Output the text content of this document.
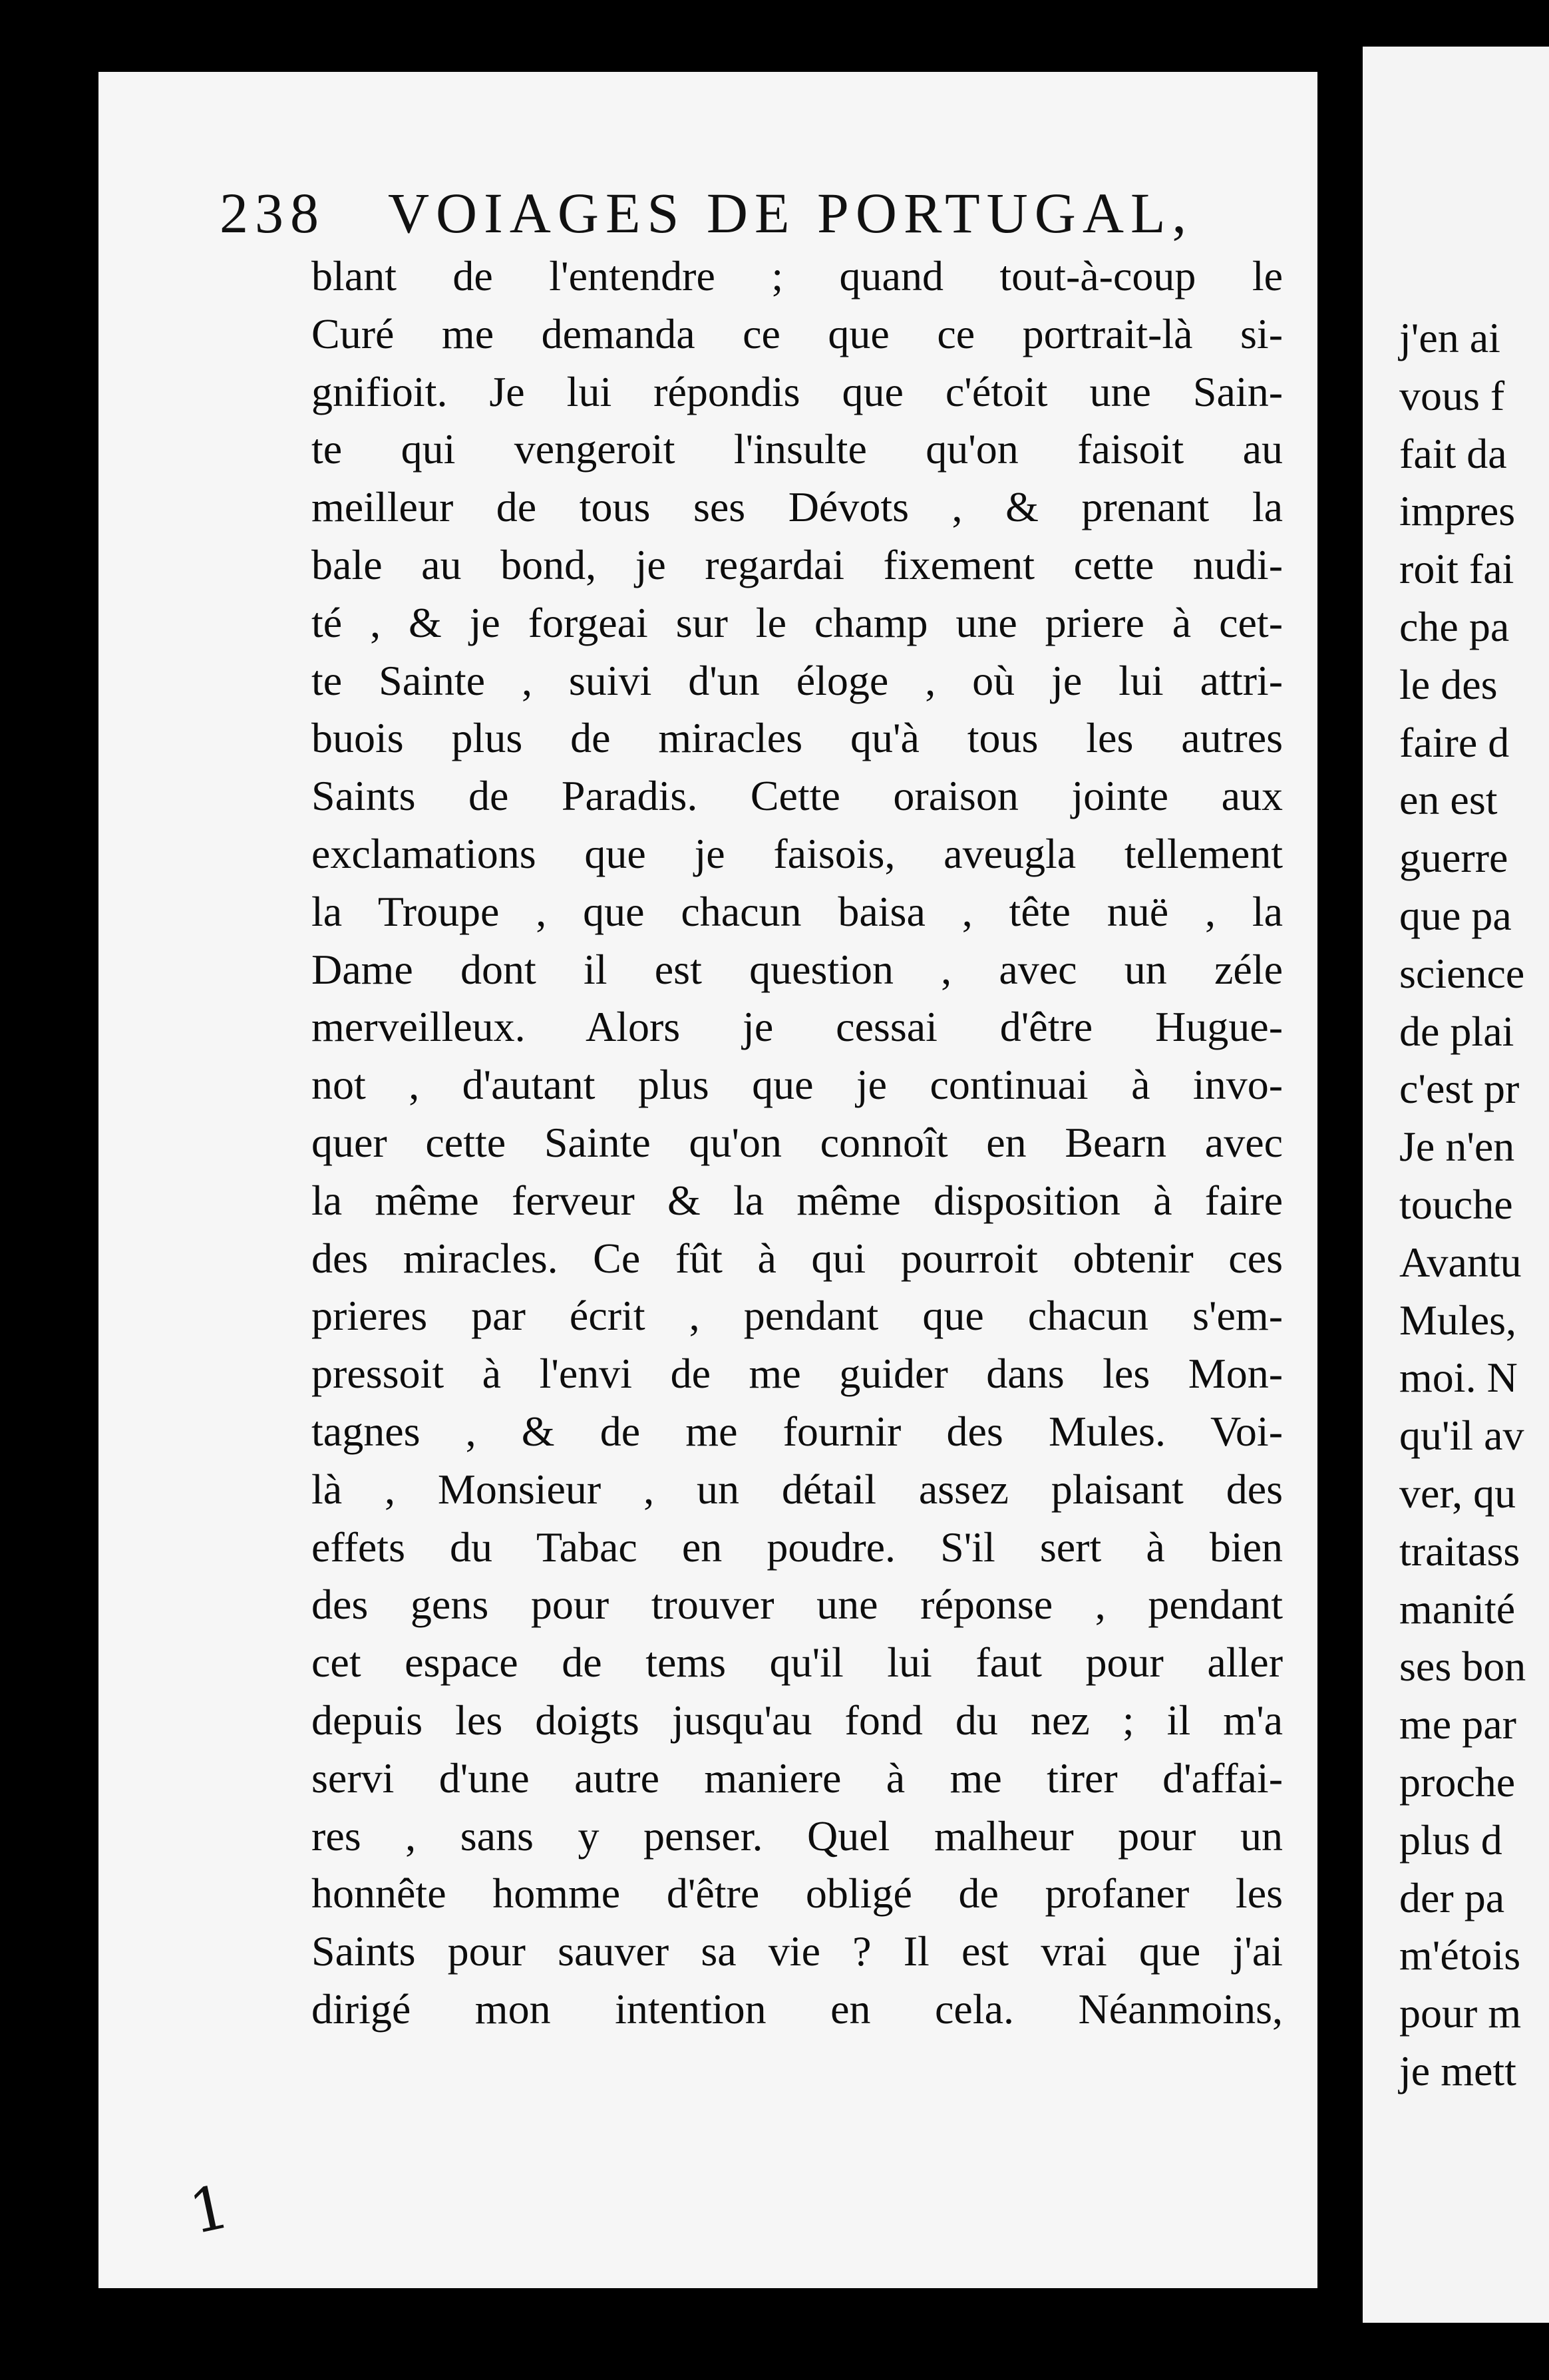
j'en ai
vous f
fait da
impres
roit fai
che pa
le des
faire d
en est
guerre
que pa
science
de plai
c'est pr
Je n'en
touche
Avantu
Mules,
moi. N
qu'il av
ver, qu
traitass
manité
ses bon
me par
proche
plus d
der pa
m'étois
pour m
je mett
238 VOIAGES DE PORTUGAL,
blant de l'entendre ; quand tout-à-coup le
Curé me demanda ce que ce portrait-là si-
gnifioit. Je lui répondis que c'étoit une Sain-
te qui vengeroit l'insulte qu'on faisoit au
meilleur de tous ses Dévots , & prenant la
bale au bond, je regardai fixement cette nudi-
té , & je forgeai sur le champ une priere à cet-
te Sainte , suivi d'un éloge , où je lui attri-
buois plus de miracles qu'à tous les autres
Saints de Paradis. Cette oraison jointe aux
exclamations que je faisois, aveugla tellement
la Troupe , que chacun baisa , tête nuë , la
Dame dont il est question , avec un zéle
merveilleux. Alors je cessai d'être Hugue-
not , d'autant plus que je continuai à invo-
quer cette Sainte qu'on connoît en Bearn avec
la même ferveur & la même disposition à faire
des miracles. Ce fût à qui pourroit obtenir ces
prieres par écrit , pendant que chacun s'em-
pressoit à l'envi de me guider dans les Mon-
tagnes , & de me fournir des Mules. Voi-
là , Monsieur , un détail assez plaisant des
effets du Tabac en poudre. S'il sert à bien
des gens pour trouver une réponse , pendant
cet espace de tems qu'il lui faut pour aller
depuis les doigts jusqu'au fond du nez ; il m'a
servi d'une autre maniere à me tirer d'affai-
res , sans y penser. Quel malheur pour un
honnête homme d'être obligé de profaner les
Saints pour sauver sa vie ? Il est vrai que j'ai
dirigé mon intention en cela. Néanmoins,
1
